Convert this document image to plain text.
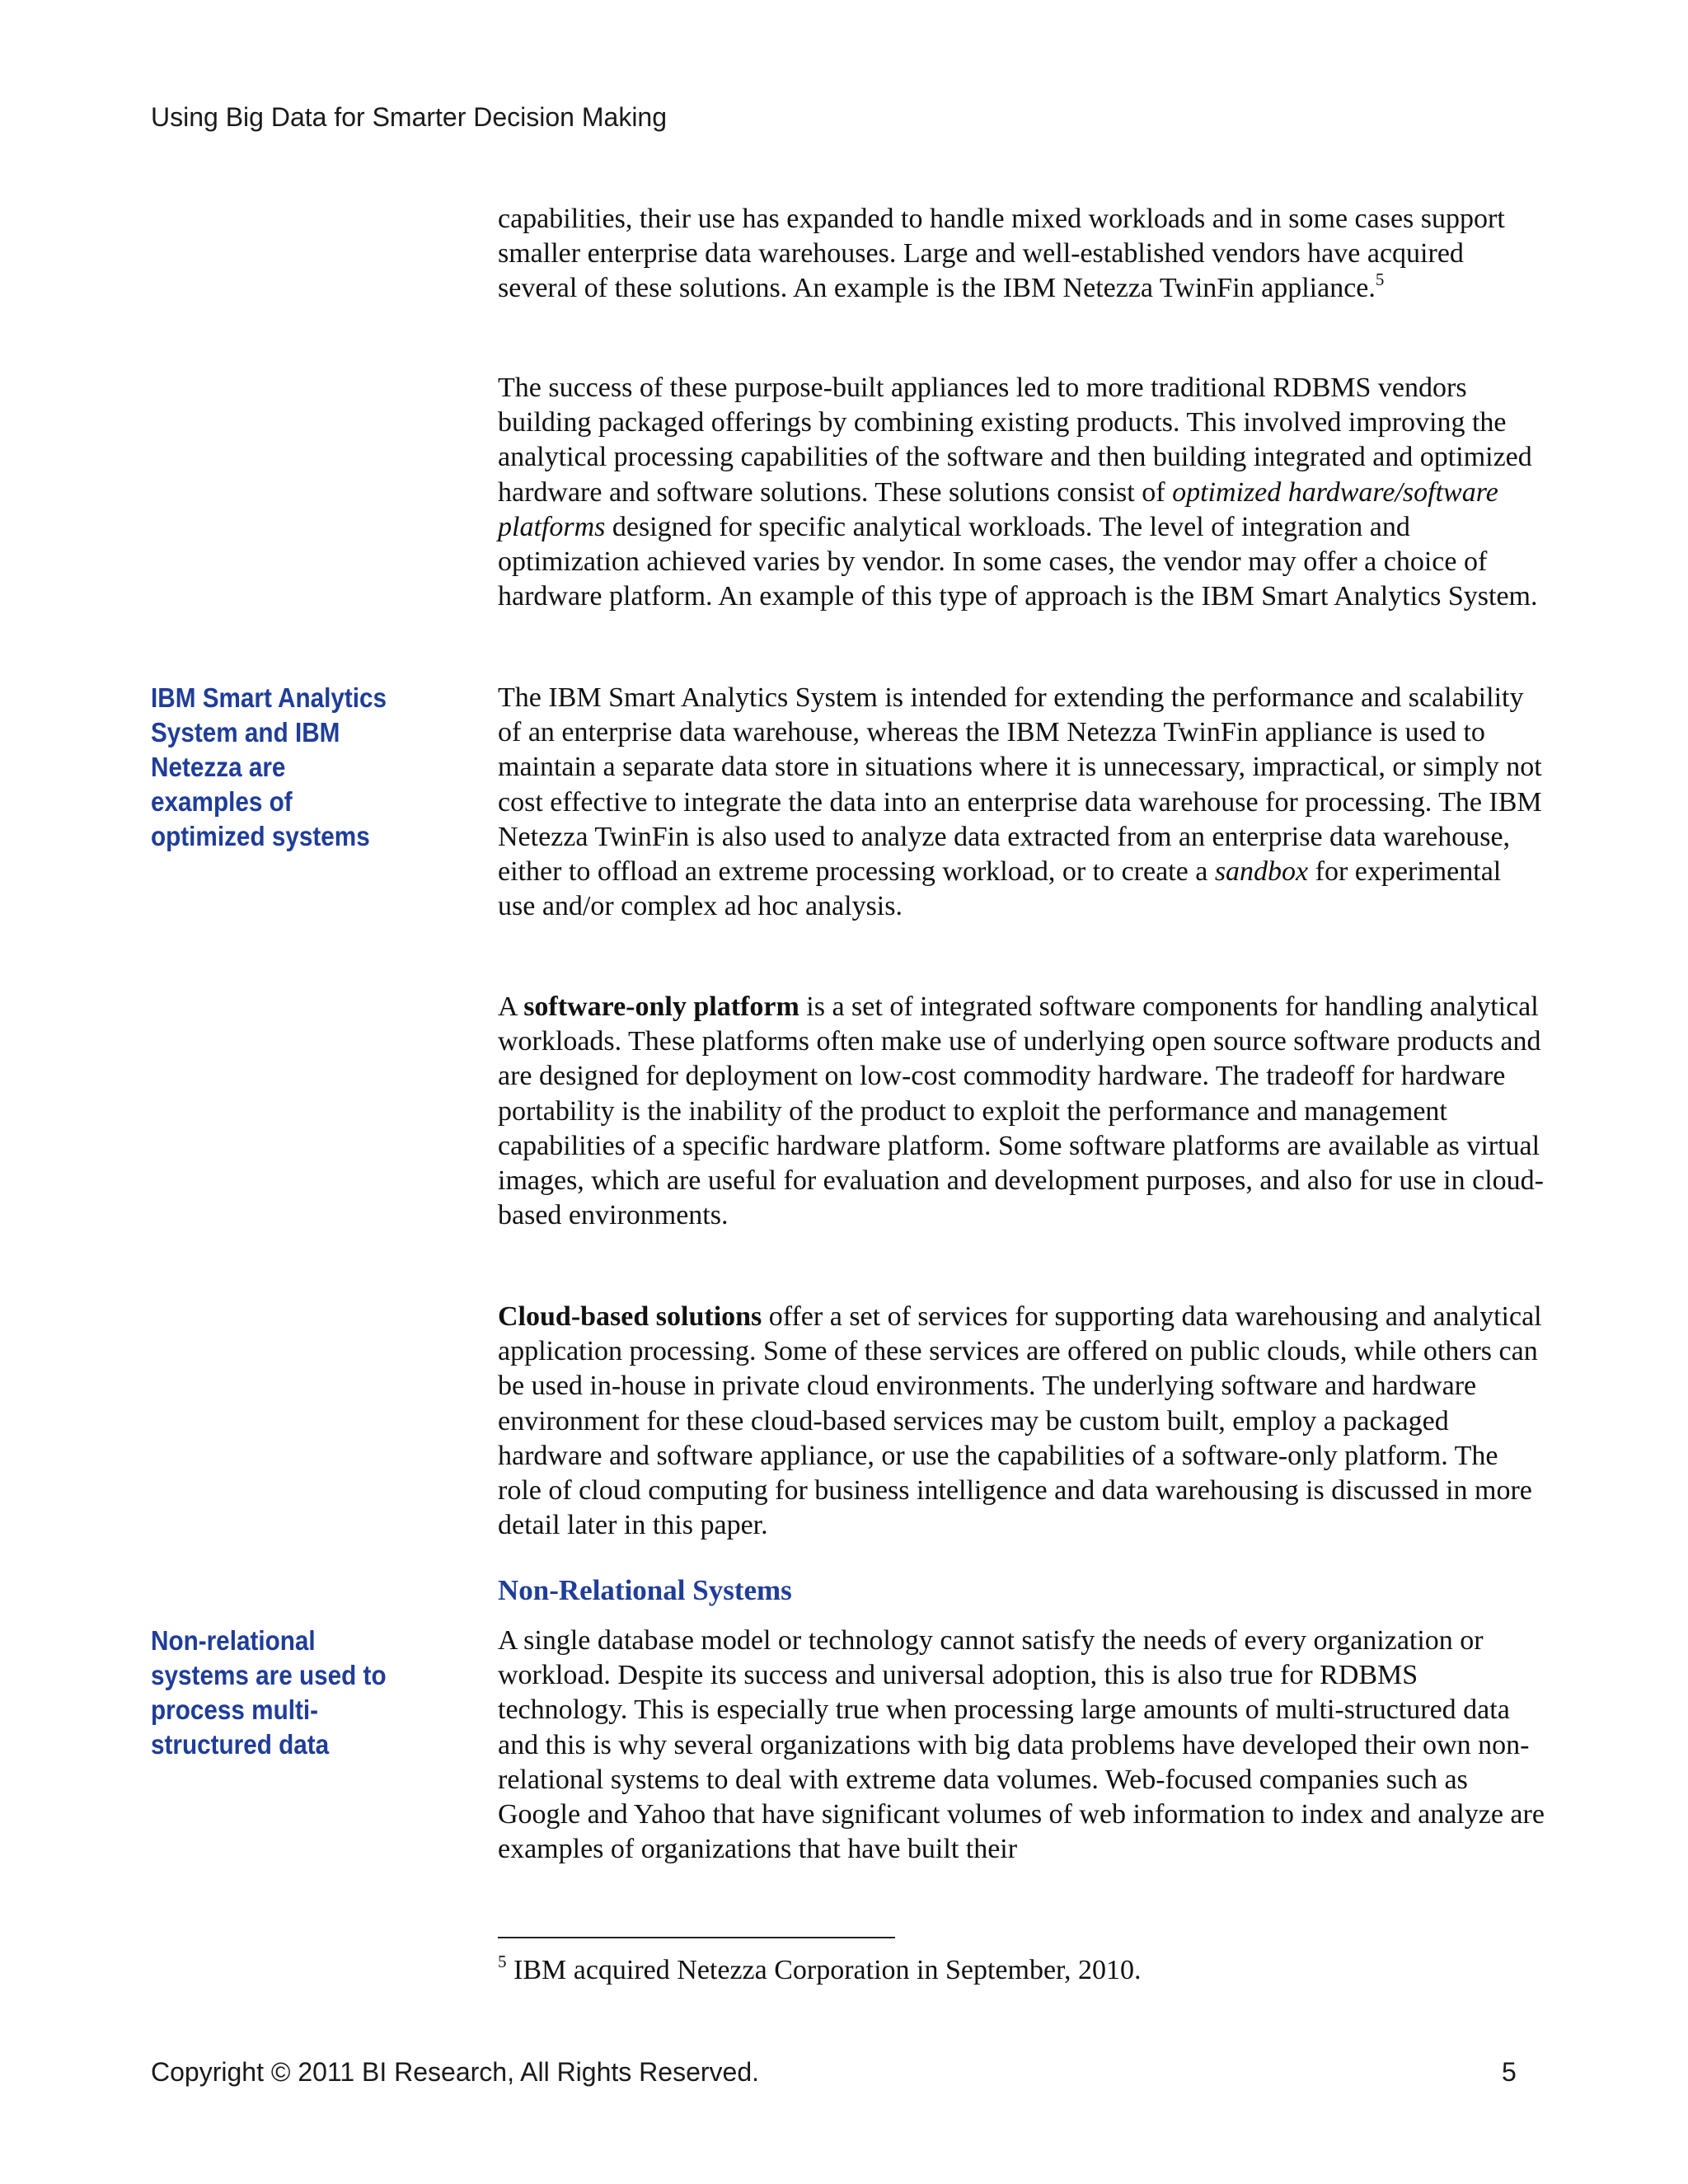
Using Big Data for Smarter Decision Making
IBM Smart Analytics System and IBM Netezza are examples of optimized systems
Non-relational systems are used to process multi-structured data

capabilities, their use has expanded to handle mixed workloads and in some cases support smaller enterprise data warehouses. Large and well-established vendors have acquired several of these solutions. An example is the IBM Netezza TwinFin appliance.$^5$

The success of these purpose-built appliances led to more traditional RDBMS vendors building packaged offerings by combining existing products. This involved improving the analytical processing capabilities of the software and then building integrated and optimized hardware and software solutions. These solutions consist of optimized hardware/software platforms designed for specific analytical workloads. The level of integration and optimization achieved varies by vendor. In some cases, the vendor may offer a choice of hardware platform. An example of this type of approach is the IBM Smart Analytics System.

The IBM Smart Analytics System is intended for extending the performance and scalability of an enterprise data warehouse, whereas the IBM Netezza TwinFin appliance is used to maintain a separate data store in situations where it is unnecessary, impractical, or simply not cost effective to integrate the data into an enterprise data warehouse for processing. The IBM Netezza TwinFin is also used to analyze data extracted from an enterprise data warehouse, either to offload an extreme processing workload, or to create a sandbox for experimental use and/or complex ad hoc analysis.

A software-only platform is a set of integrated software components for handling analytical workloads. These platforms often make use of underlying open source software products and are designed for deployment on low-cost commodity hardware. The tradeoff for hardware portability is the inability of the product to exploit the performance and management capabilities of a specific hardware platform. Some software platforms are available as virtual images, which are useful for evaluation and development purposes, and also for use in cloud-based environments.

Cloud-based solutions offer a set of services for supporting data warehousing and analytical application processing. Some of these services are offered on public clouds, while others can be used in-house in private cloud environments. The underlying software and hardware environment for these cloud-based services may be custom built, employ a packaged hardware and software appliance, or use the capabilities of a software-only platform. The role of cloud computing for business intelligence and data warehousing is discussed in more detail later in this paper.

Non-Relational Systems

A single database model or technology cannot satisfy the needs of every organization or workload. Despite its success and universal adoption, this is also true for RDBMS technology. This is especially true when processing large amounts of multi-structured data and this is why several organizations with big data problems have developed their own non-relational systems to deal with extreme data volumes. Web-focused companies such as Google and Yahoo that have significant volumes of web information to index and analyze are examples of organizations that have built their

$^5$ IBM acquired Netezza Corporation in September, 2010.
Copyright © 2011 BI Research, All Rights Reserved.	5
